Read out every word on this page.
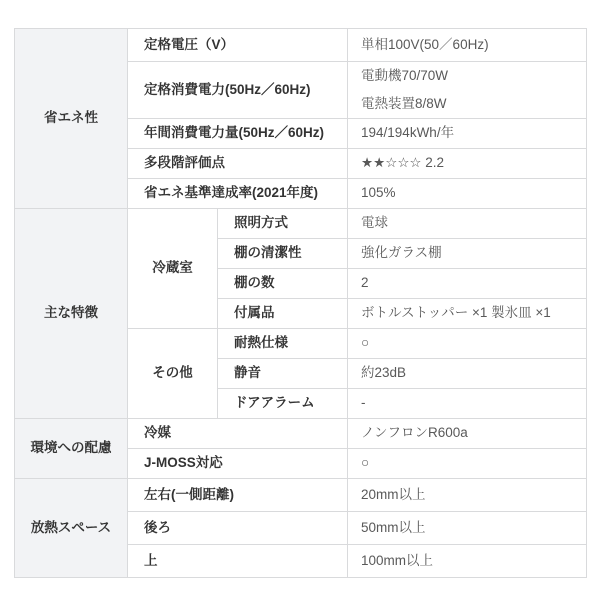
省エネ性	定格電圧（V）		単相100V(50／60Hz)
	定格消費電力(50Hz／60Hz)		電動機70/70W
電熱装置8/8W

	年間消費電力量(50Hz／60Hz)		194/194kWh/年
	多段階評価点		★★☆☆☆ 2.2
	省エネ基準達成率(2021年度)		105%
主な特徴	冷蔵室	照明方式	電球
		棚の清潔性	強化ガラス棚
		棚の数	2
		付属品	ボトルストッパー ×1 製氷皿 ×1
	その他	耐熱仕様	○
		静音	約23dB
		ドアアラーム	-
環境への配慮	冷媒		ノンフロンR600a
	J-MOSS対応		○
放熱スペース	左右(一側距離)		20mm以上
	後ろ		50mm以上
	上		100mm以上
